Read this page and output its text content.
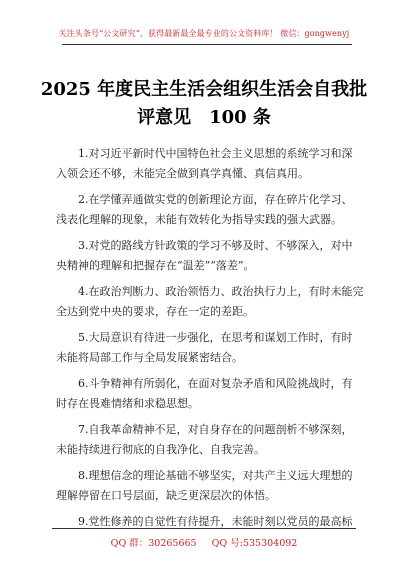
关注头条号“公文研究”，获得最新最全最专业的公文资料库！ 微信：gongwenyj
2025 年度民主生活会组织生活会自我批
评意见　100 条

1.对习近平新时代中国特色社会主义思想的系统学习和深
入领会还不够，未能完全做到真学真懂、真信真用。

2.在学懂弄通做实党的创新理论方面，存在碎片化学习、
浅表化理解的现象，未能有效转化为指导实践的强大武器。

3.对党的路线方针政策的学习不够及时、不够深入，对中
央精神的理解和把握存在“温差”“落差”。

4.在政治判断力、政治领悟力、政治执行力上，有时未能完
全达到党中央的要求，存在一定的差距。

5.大局意识有待进一步强化，在思考和谋划工作时，有时
未能将局部工作与全局发展紧密结合。

6.斗争精神有所弱化，在面对复杂矛盾和风险挑战时，有
时存在畏难情绪和求稳思想。

7.自我革命精神不足，对自身存在的问题剖析不够深刻，
未能持续进行彻底的自我净化、自我完善。

8.理想信念的理论基础不够坚实，对共产主义远大理想的
理解停留在口号层面，缺乏更深层次的体悟。

9.党性修养的自觉性有待提升，未能时刻以党员的最高标

QQ 群：30265665 QQ 号:535304092
